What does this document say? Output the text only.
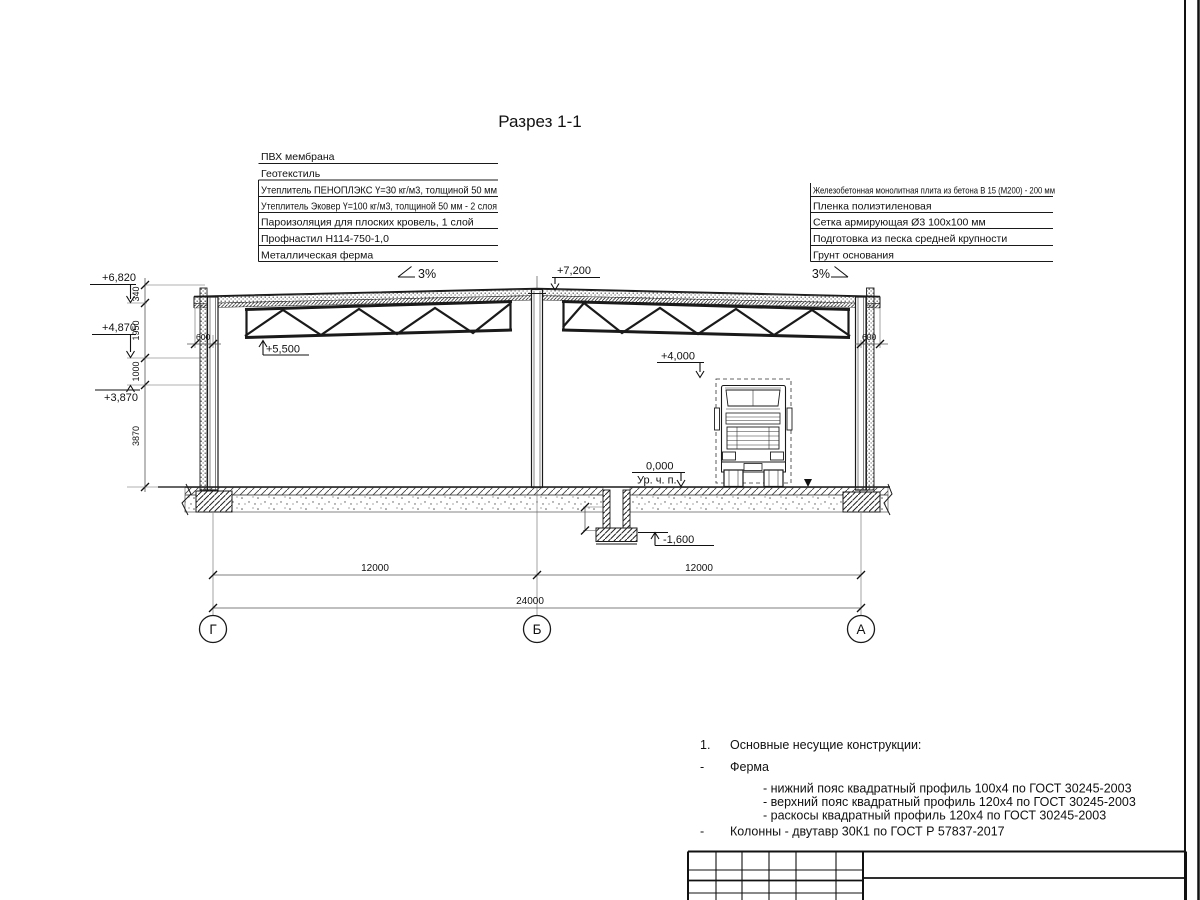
Разрез 1-1
ПВХ мембрана
Геотекстиль
Утеплитель ПЕНОПЛЭКС Ү=30 кг/м3, толщиной 50 мм
Утеплитель Эковер Ү=100 кг/м3, толщиной 50 мм - 2 слоя
Пароизоляция для плоских кровель, 1 слой
Профнастил Н114-750-1,0
Металлическая ферма
Железобетонная монолитная плита из бетона В 15 (М200) - 200 мм
Пленка полиэтиленовая
Сетка армирующая Ø3 100х100 мм
Подготовка из песка средней крупности
Грунт основания
340
1950
1000
3870
+6,820
+4,870
+3,870
+7,200
+5,500
+4,000
0,000
Ур. ч. п.
-1,600
3%	3%
600	600
12000	12000
24000
Г	Б	А
1. Основные несущие конструкции:
- Ферма
- нижний пояс квадратный профиль 100х4 по ГОСТ 30245-2003
- верхний пояс квадратный профиль 120х4 по ГОСТ 30245-2003
- раскосы квадратный профиль 120х4 по ГОСТ 30245-2003
- Колонны - двутавр 30К1 по ГОСТ Р 57837-2017
